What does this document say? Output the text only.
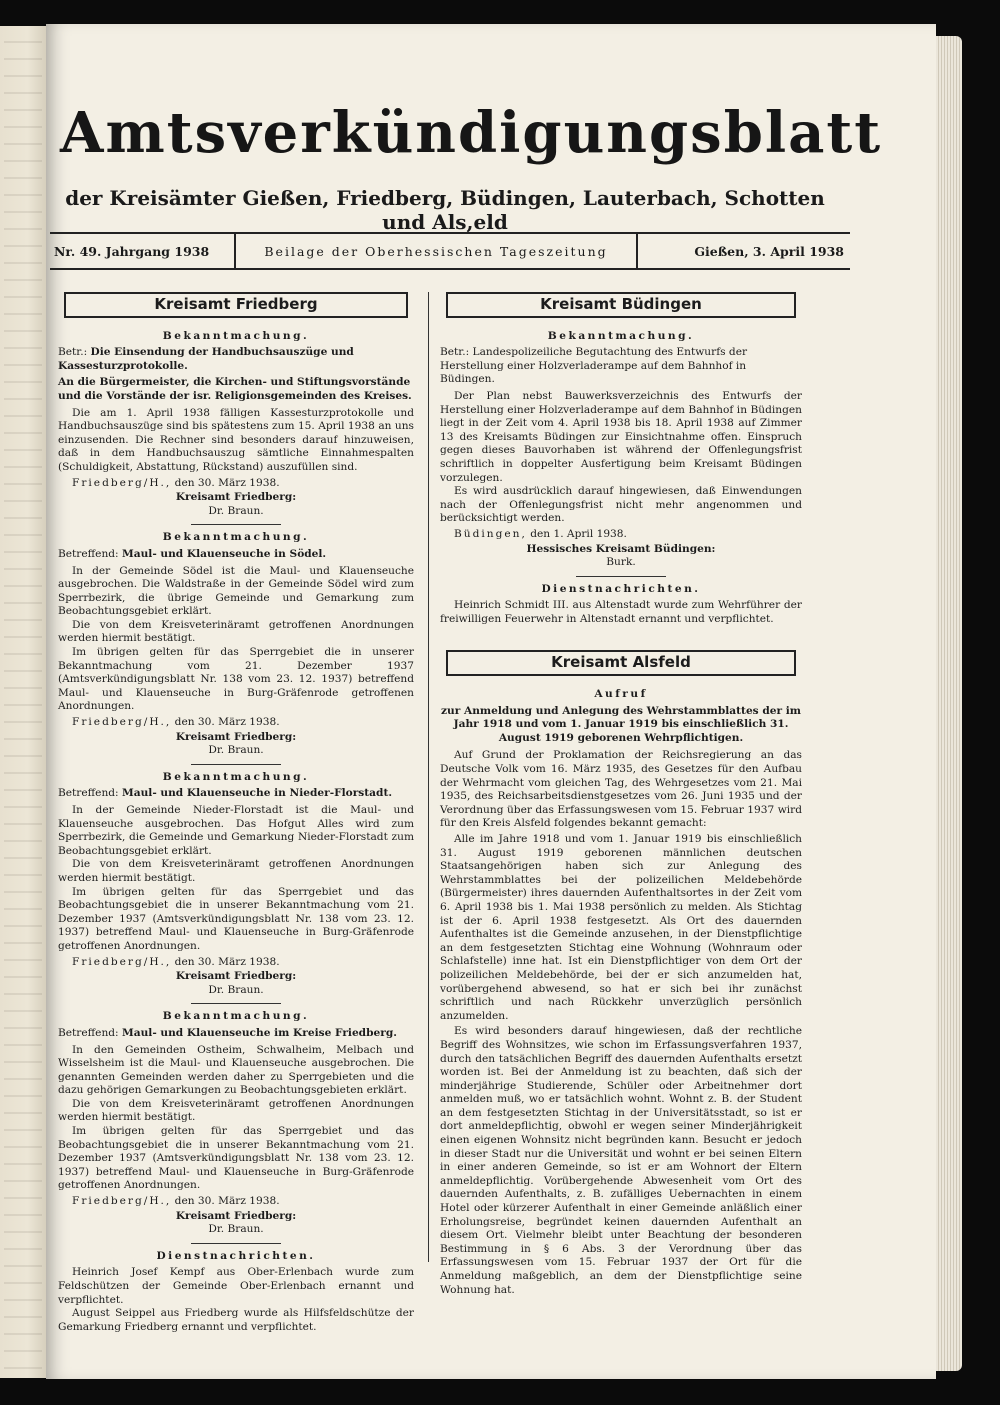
Amtsverkündigungsblatt
der Kreisämter Gießen, Friedberg, Büdingen, Lauterbach, Schotten und Als,eld
Nr. 49. Jahrgang 1938	Beilage der Oberhessischen Tageszeitung	Gießen, 3. April 1938
Kreisamt Friedberg
Bekanntmachung.
Betr.: Die Einsendung der Handbuchsauszüge und Kassesturzprotokolle.
An die Bürgermeister, die Kirchen- und Stiftungsvorstände und die Vorstände der isr. Religionsgemeinden des Kreises.

Die am 1. April 1938 fälligen Kassesturzprotokolle und Handbuchsauszüge sind bis spätestens zum 15. April 1938 an uns einzusenden. Die Rechner sind besonders darauf hinzuweisen, daß in dem Handbuchsauszug sämtliche Einnahmespalten (Schuldigkeit, Abstattung, Rückstand) auszufüllen sind.

Friedberg/H., den 30. März 1938.
Kreisamt Friedberg:
Dr. Braun.
Bekanntmachung.
Betreffend: Maul- und Klauenseuche in Södel.

In der Gemeinde Södel ist die Maul- und Klauenseuche ausgebrochen. Die Waldstraße in der Gemeinde Södel wird zum Sperrbezirk, die übrige Gemeinde und Gemarkung zum Beobachtungsgebiet erklärt.

Die von dem Kreisveterinäramt getroffenen Anordnungen werden hiermit bestätigt.

Im übrigen gelten für das Sperrgebiet die in unserer Bekanntmachung vom 21. Dezember 1937 (Amtsverkündigungsblatt Nr. 138 vom 23. 12. 1937) betreffend Maul- und Klauenseuche in Burg-Gräfenrode getroffenen Anordnungen.

Friedberg/H., den 30. März 1938.
Kreisamt Friedberg:
Dr. Braun.
Bekanntmachung.
Betreffend: Maul- und Klauenseuche in Nieder-Florstadt.

In der Gemeinde Nieder-Florstadt ist die Maul- und Klauenseuche ausgebrochen. Das Hofgut Alles wird zum Sperrbezirk, die Gemeinde und Gemarkung Nieder-Florstadt zum Beobachtungsgebiet erklärt.

Die von dem Kreisveterinäramt getroffenen Anordnungen werden hiermit bestätigt.

Im übrigen gelten für das Sperrgebiet und das Beobachtungsgebiet die in unserer Bekanntmachung vom 21. Dezember 1937 (Amtsverkündigungsblatt Nr. 138 vom 23. 12. 1937) betreffend Maul- und Klauenseuche in Burg-Gräfenrode getroffenen Anordnungen.

Friedberg/H., den 30. März 1938.
Kreisamt Friedberg:
Dr. Braun.
Bekanntmachung.
Betreffend: Maul- und Klauenseuche im Kreise Friedberg.

In den Gemeinden Ostheim, Schwalheim, Melbach und Wisselsheim ist die Maul- und Klauenseuche ausgebrochen. Die genannten Gemeinden werden daher zu Sperrgebieten und die dazu gehörigen Gemarkungen zu Beobachtungsgebieten erklärt.

Die von dem Kreisveterinäramt getroffenen Anordnungen werden hiermit bestätigt.

Im übrigen gelten für das Sperrgebiet und das Beobachtungsgebiet die in unserer Bekanntmachung vom 21. Dezember 1937 (Amtsverkündigungsblatt Nr. 138 vom 23. 12. 1937) betreffend Maul- und Klauenseuche in Burg-Gräfenrode getroffenen Anordnungen.

Friedberg/H., den 30. März 1938.
Kreisamt Friedberg:
Dr. Braun.
Dienstnachrichten.

Heinrich Josef Kempf aus Ober-Erlenbach wurde zum Feldschützen der Gemeinde Ober-Erlenbach ernannt und verpflichtet.

August Seippel aus Friedberg wurde als Hilfsfeldschütze der Gemarkung Friedberg ernannt und verpflichtet.

Kreisamt Büdingen
Bekanntmachung.
Betr.: Landespolizeiliche Begutachtung des Entwurfs der Herstellung einer Holzverladerampe auf dem Bahnhof in Büdingen.

Der Plan nebst Bauwerksverzeichnis des Entwurfs der Herstellung einer Holzverladerampe auf dem Bahnhof in Büdingen liegt in der Zeit vom 4. April 1938 bis 18. April 1938 auf Zimmer 13 des Kreisamts Büdingen zur Einsichtnahme offen. Einspruch gegen dieses Bauvorhaben ist während der Offenlegungsfrist schriftlich in doppelter Ausfertigung beim Kreisamt Büdingen vorzulegen.

Es wird ausdrücklich darauf hingewiesen, daß Einwendungen nach der Offenlegungsfrist nicht mehr angenommen und berücksichtigt werden.

Büdingen, den 1. April 1938.
Hessisches Kreisamt Büdingen:
Burk.
Dienstnachrichten.

Heinrich Schmidt III. aus Altenstadt wurde zum Wehrführer der freiwilligen Feuerwehr in Altenstadt ernannt und verpflichtet.

Kreisamt Alsfeld
Aufruf
zur Anmeldung und Anlegung des Wehrstammblattes der im Jahr 1918 und vom 1. Januar 1919 bis einschließlich 31. August 1919 geborenen Wehrpflichtigen.

Auf Grund der Proklamation der Reichsregierung an das Deutsche Volk vom 16. März 1935, des Gesetzes für den Aufbau der Wehrmacht vom gleichen Tag, des Wehrgesetzes vom 21. Mai 1935, des Reichsarbeitsdienstgesetzes vom 26. Juni 1935 und der Verordnung über das Erfassungswesen vom 15. Februar 1937 wird für den Kreis Alsfeld folgendes bekannt gemacht:

Alle im Jahre 1918 und vom 1. Januar 1919 bis einschließlich 31. August 1919 geborenen männlichen deutschen Staatsangehörigen haben sich zur Anlegung des Wehrstammblattes bei der polizeilichen Meldebehörde (Bürgermeister) ihres dauernden Aufenthaltsortes in der Zeit vom 6. April 1938 bis 1. Mai 1938 persönlich zu melden. Als Stichtag ist der 6. April 1938 festgesetzt. Als Ort des dauernden Aufenthaltes ist die Gemeinde anzusehen, in der Dienstpflichtige an dem festgesetzten Stichtag eine Wohnung (Wohnraum oder Schlafstelle) inne hat. Ist ein Dienstpflichtiger von dem Ort der polizeilichen Meldebehörde, bei der er sich anzumelden hat, vorübergehend abwesend, so hat er sich bei ihr zunächst schriftlich und nach Rückkehr unverzüglich persönlich anzumelden.

Es wird besonders darauf hingewiesen, daß der rechtliche Begriff des Wohnsitzes, wie schon im Erfassungsverfahren 1937, durch den tatsächlichen Begriff des dauernden Aufenthalts ersetzt worden ist. Bei der Anmeldung ist zu beachten, daß sich der minderjährige Studierende, Schüler oder Arbeitnehmer dort anmelden muß, wo er tatsächlich wohnt. Wohnt z. B. der Student an dem festgesetzten Stichtag in der Universitätsstadt, so ist er dort anmeldepflichtig, obwohl er wegen seiner Minderjährigkeit einen eigenen Wohnsitz nicht begründen kann. Besucht er jedoch in dieser Stadt nur die Universität und wohnt er bei seinen Eltern in einer anderen Gemeinde, so ist er am Wohnort der Eltern anmeldepflichtig. Vorübergehende Abwesenheit vom Ort des dauernden Aufenthalts, z. B. zufälliges Uebernachten in einem Hotel oder kürzerer Aufenthalt in einer Gemeinde anläßlich einer Erholungsreise, begründet keinen dauernden Aufenthalt an diesem Ort. Vielmehr bleibt unter Beachtung der besonderen Bestimmung in § 6 Abs. 3 der Verordnung über das Erfassungswesen vom 15. Februar 1937 der Ort für die Anmeldung maßgeblich, an dem der Dienstpflichtige seine Wohnung hat.
